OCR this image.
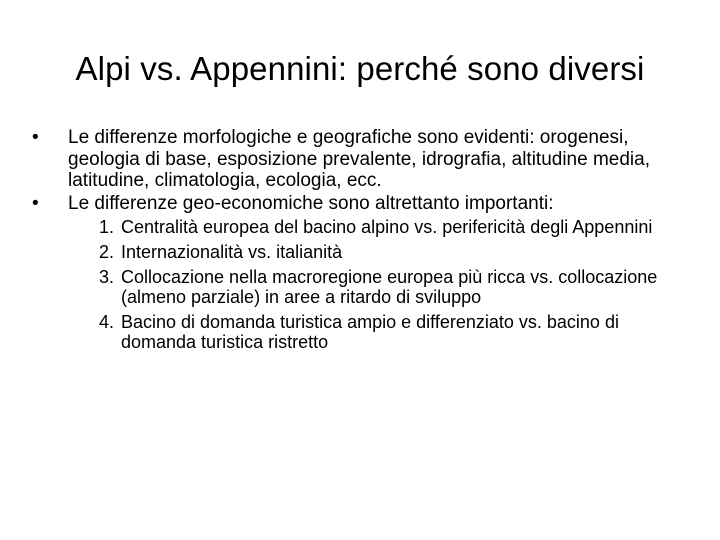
Alpi vs. Appennini: perché sono diversi

•	Le differenze morfologiche e geografiche sono evidenti: orogenesi, geologia di base, esposizione prevalente, idrografia, altitudine media, latitudine, climatologia, ecologia, ecc.

•	Le differenze geo-economiche sono altrettanto importanti:

1. Centralità europea del bacino alpino vs. perifericità degli Appennini
2. Internazionalità vs. italianità
3. Collocazione nella macroregione europea più ricca vs. collocazione (almeno parziale) in aree a ritardo di sviluppo
4. Bacino di domanda turistica ampio e differenziato vs. bacino di domanda turistica ristretto
